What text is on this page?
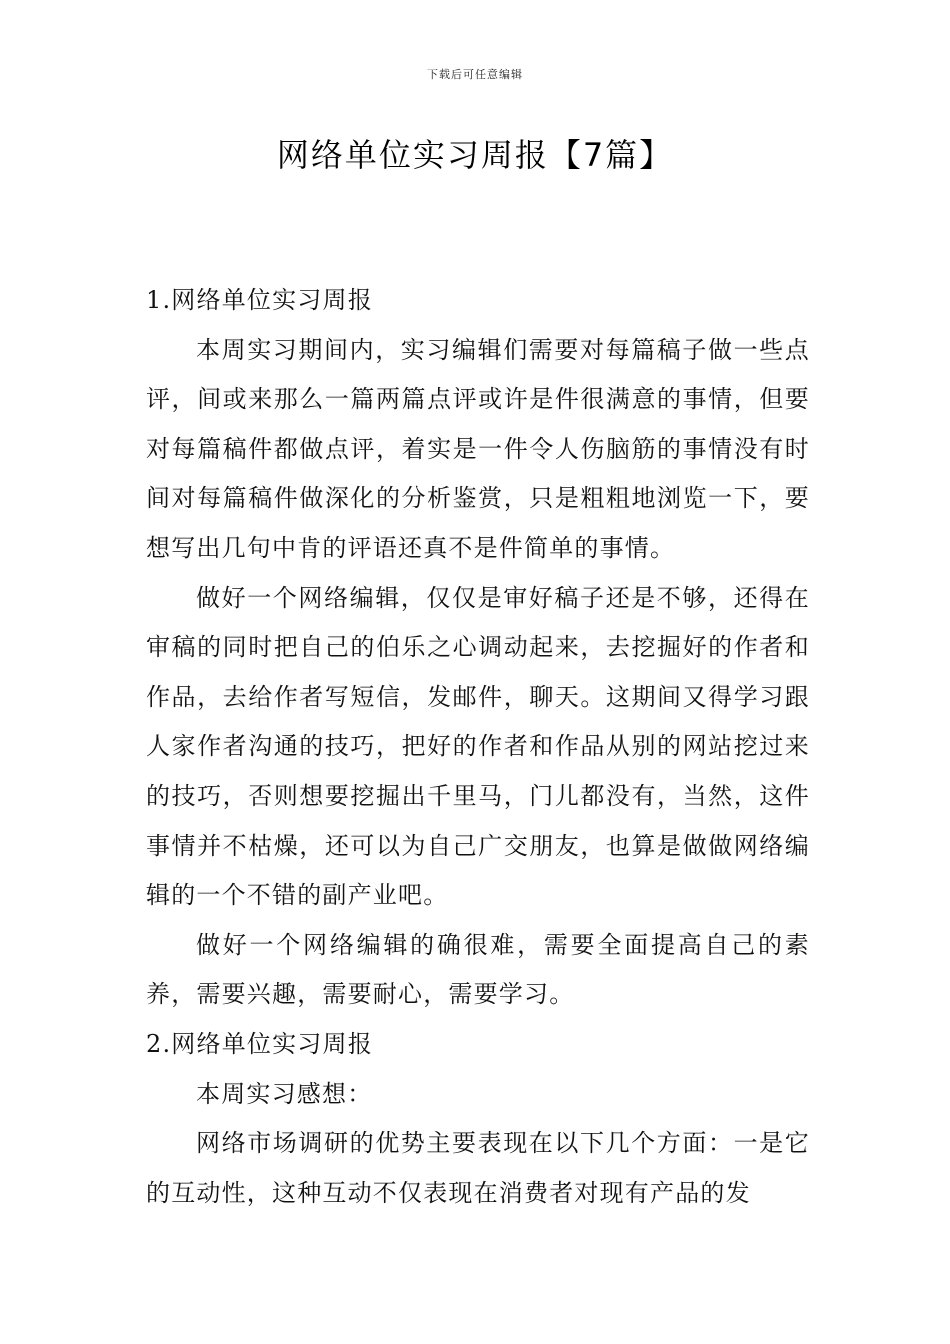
下载后可任意编辑
网络单位实习周报【7篇】
1.网络单位实习周报

本周实习期间内，实习编辑们需要对每篇稿子做一些点评，间或来那么一篇两篇点评或许是件很满意的事情，但要对每篇稿件都做点评，着实是一件令人伤脑筋的事情没有时间对每篇稿件做深化的分析鉴赏，只是粗粗地浏览一下，要想写出几句中肯的评语还真不是件简单的事情。

做好一个网络编辑，仅仅是审好稿子还是不够，还得在审稿的同时把自己的伯乐之心调动起来，去挖掘好的作者和作品，去给作者写短信，发邮件，聊天。这期间又得学习跟人家作者沟通的技巧，把好的作者和作品从别的网站挖过来的技巧，否则想要挖掘出千里马，门儿都没有，当然，这件事情并不枯燥，还可以为自己广交朋友，也算是做做网络编辑的一个不错的副产业吧。

做好一个网络编辑的确很难，需要全面提高自己的素养，需要兴趣，需要耐心，需要学习。

2.网络单位实习周报

本周实习感想：

网络市场调研的优势主要表现在以下几个方面：一是它的互动性，这种互动不仅表现在消费者对现有产品的发
